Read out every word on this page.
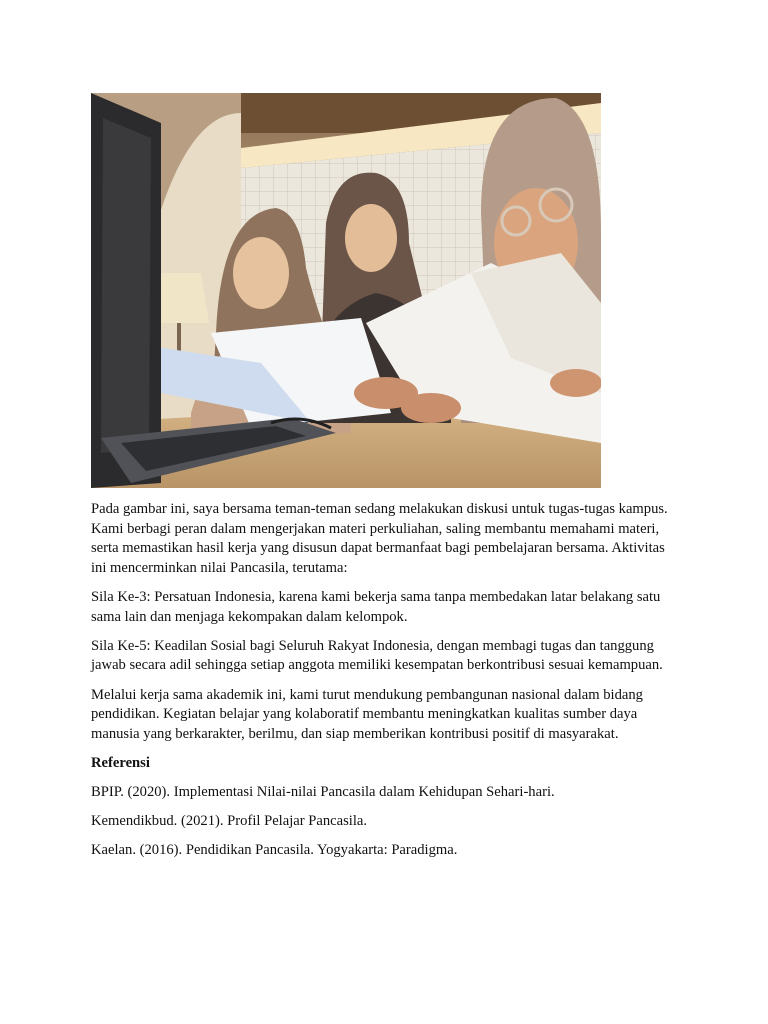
Pada gambar ini, saya bersama teman-teman sedang melakukan diskusi untuk tugas-tugas kampus. Kami berbagi peran dalam mengerjakan materi perkuliahan, saling membantu memahami materi, serta memastikan hasil kerja yang disusun dapat bermanfaat bagi pembelajaran bersama. Aktivitas ini mencerminkan nilai Pancasila, terutama:

Sila Ke-3: Persatuan Indonesia, karena kami bekerja sama tanpa membedakan latar belakang satu sama lain dan menjaga kekompakan dalam kelompok.

Sila Ke-5: Keadilan Sosial bagi Seluruh Rakyat Indonesia, dengan membagi tugas dan tanggung jawab secara adil sehingga setiap anggota memiliki kesempatan berkontribusi sesuai kemampuan.

Melalui kerja sama akademik ini, kami turut mendukung pembangunan nasional dalam bidang pendidikan. Kegiatan belajar yang kolaboratif membantu meningkatkan kualitas sumber daya manusia yang berkarakter, berilmu, dan siap memberikan kontribusi positif di masyarakat.

Referensi

BPIP. (2020). Implementasi Nilai-nilai Pancasila dalam Kehidupan Sehari-hari.

Kemendikbud. (2021). Profil Pelajar Pancasila.

Kaelan. (2016). Pendidikan Pancasila. Yogyakarta: Paradigma.
